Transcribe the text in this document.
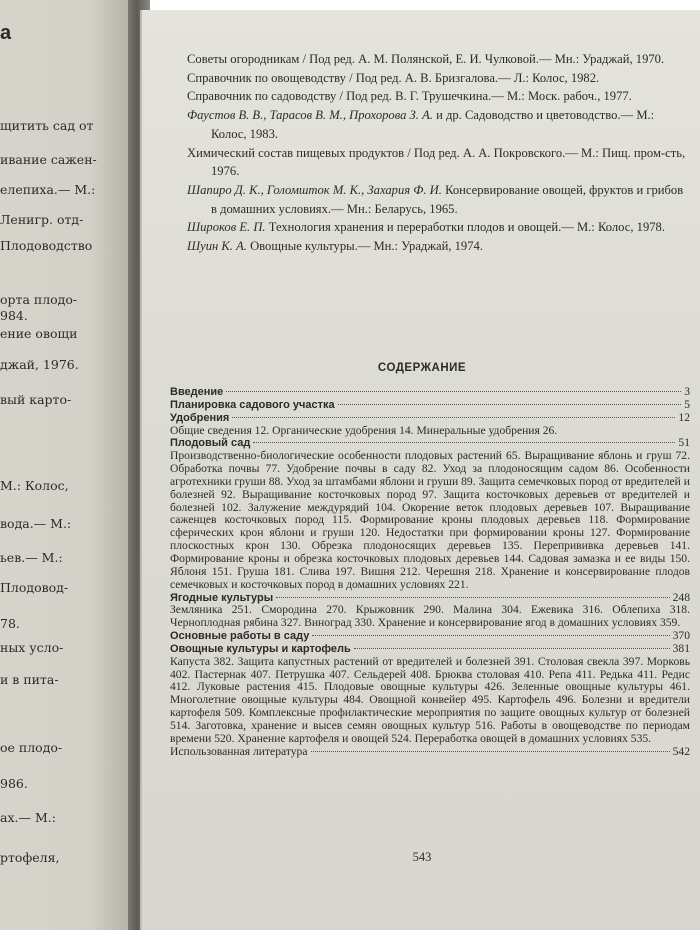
а
щитить сад от
ивание сажен-
елепиха.— М.:
Ленигр. отд-
Плодоводство
орта плодо-
984.
ение овощи
джай, 1976.
вый карто-
М.: Колос,
вода.— М.:
ьев.— М.:
Плодовод-
78.
ных усло-
и в пита-
ое плодо-
986.
ах.— М.:
ртофеля,

Советы огородникам / Под ред. А. М. Полянской, Е. И. Чулковой.— Мн.: Ураджай, 1970.

Справочник по овощеводству / Под ред. А. В. Бризгалова.— Л.: Колос, 1982.

Справочник по садоводству / Под ред. В. Г. Трушечкина.— М.: Моск. рабоч., 1977.

Фаустов В. В., Тарасов В. М., Прохорова З. А. и др. Садоводство и цветоводство.— М.: Колос, 1983.

Химический состав пищевых продуктов / Под ред. А. А. Покровского.— М.: Пищ. пром-сть, 1976.

Шапиро Д. К., Голомшток М. К., Захария Ф. И. Консервирование овощей, фруктов и грибов в домашних условиях.— Мн.: Беларусь, 1965.

Широков Е. П. Технология хранения и переработки плодов и овощей.— М.: Колос, 1978.

Шуин К. А. Овощные культуры.— Мн.: Ураджай, 1974.

СОДЕРЖАНИЕ
Введение	3
Планировка садового участка	5
Удобрения	12
Общие сведения 12. Органические удобрения 14. Минеральные удобрения 26.
Плодовый сад	51
Производственно-биологические особенности плодовых растений 65. Выращивание яблонь и груш 72. Обработка почвы 77. Удобрение почвы в саду 82. Уход за плодоносящим садом 86. Особенности агротехники груши 88. Уход за штамбами яблони и груши 89. Защита семечковых пород от вредителей и болезней 92. Выращивание косточковых пород 97. Защита косточковых деревьев от вредителей и болезней 102. Залужение междурядий 104. Окорение веток плодовых деревьев 107. Выращивание саженцев косточковых пород 115. Формирование кроны плодовых деревьев 118. Формирование сферических крон яблони и груши 120. Недостатки при формировании кроны 127. Формирование плоскостных крон 130. Обрезка плодоносящих деревьев 135. Перепрививка деревьев 141. Формирование кроны и обрезка косточковых плодовых деревьев 144. Садовая замазка и ее виды 150. Яблоня 151. Груша 181. Слива 197. Вишня 212. Черешня 218. Хранение и консервирование плодов семечковых и косточковых пород в домашних условиях 221.
Ягодные культуры	248
Земляника 251. Смородина 270. Крыжовник 290. Малина 304. Ежевика 316. Облепиха 318. Черноплодная рябина 327. Виноград 330. Хранение и консервирование ягод в домашних условиях 359.
Основные работы в саду	370
Овощные культуры и картофель	381
Капуста 382. Защита капустных растений от вредителей и болезней 391. Столовая свекла 397. Морковь 402. Пастернак 407. Петрушка 407. Сельдерей 408. Брюква столовая 410. Репа 411. Редька 411. Редис 412. Луковые растения 415. Плодовые овощные культуры 426. Зеленные овощные культуры 461. Многолетние овощные культуры 484. Овощной конвейер 495. Картофель 496. Болезни и вредители картофеля 509. Комплексные профилактические мероприятия по защите овощных культур от болезней 514. Заготовка, хранение и высев семян овощных культур 516. Работы в овощеводстве по периодам времени 520. Хранение картофеля и овощей 524. Переработка овощей в домашних условиях 535.
Использованная литература	542
543
